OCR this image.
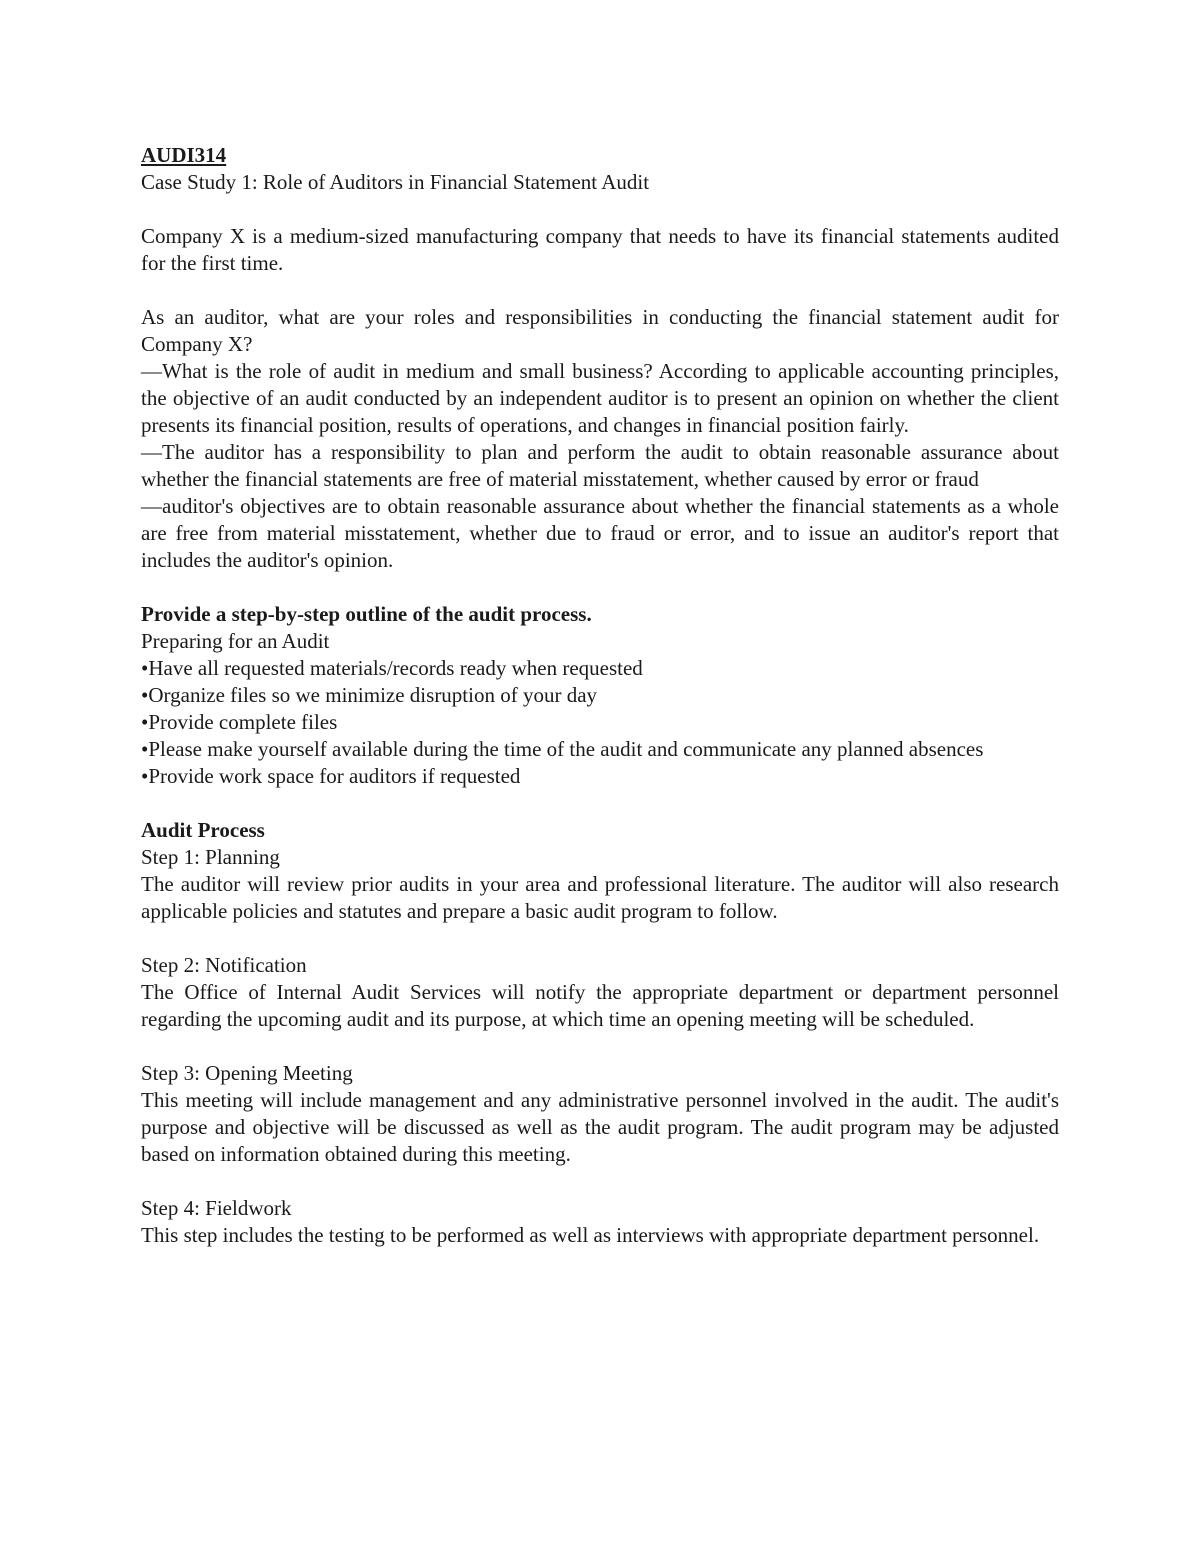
AUDI314
Case Study 1: Role of Auditors in Financial Statement Audit
Company X is a medium-sized manufacturing company that needs to have its financial statements audited for the first time.
As an auditor, what are your roles and responsibilities in conducting the financial statement audit for Company X?
—What is the role of audit in medium and small business? According to applicable accounting principles, the objective of an audit conducted by an independent auditor is to present an opinion on whether the client presents its financial position, results of operations, and changes in financial position fairly.
—The auditor has a responsibility to plan and perform the audit to obtain reasonable assurance about whether the financial statements are free of material misstatement, whether caused by error or fraud
—auditor's objectives are to obtain reasonable assurance about whether the financial statements as a whole are free from material misstatement, whether due to fraud or error, and to issue an auditor's report that includes the auditor's opinion.
Provide a step-by-step outline of the audit process.
Preparing for an Audit
•Have all requested materials/records ready when requested
•Organize files so we minimize disruption of your day
•Provide complete files
•Please make yourself available during the time of the audit and communicate any planned absences
•Provide work space for auditors if requested
Audit Process
Step 1: Planning
The auditor will review prior audits in your area and professional literature. The auditor will also research applicable policies and statutes and prepare a basic audit program to follow.
Step 2: Notification
The Office of Internal Audit Services will notify the appropriate department or department personnel regarding the upcoming audit and its purpose, at which time an opening meeting will be scheduled.
Step 3: Opening Meeting
This meeting will include management and any administrative personnel involved in the audit. The audit's purpose and objective will be discussed as well as the audit program. The audit program may be adjusted based on information obtained during this meeting.
Step 4: Fieldwork
This step includes the testing to be performed as well as interviews with appropriate department personnel.
